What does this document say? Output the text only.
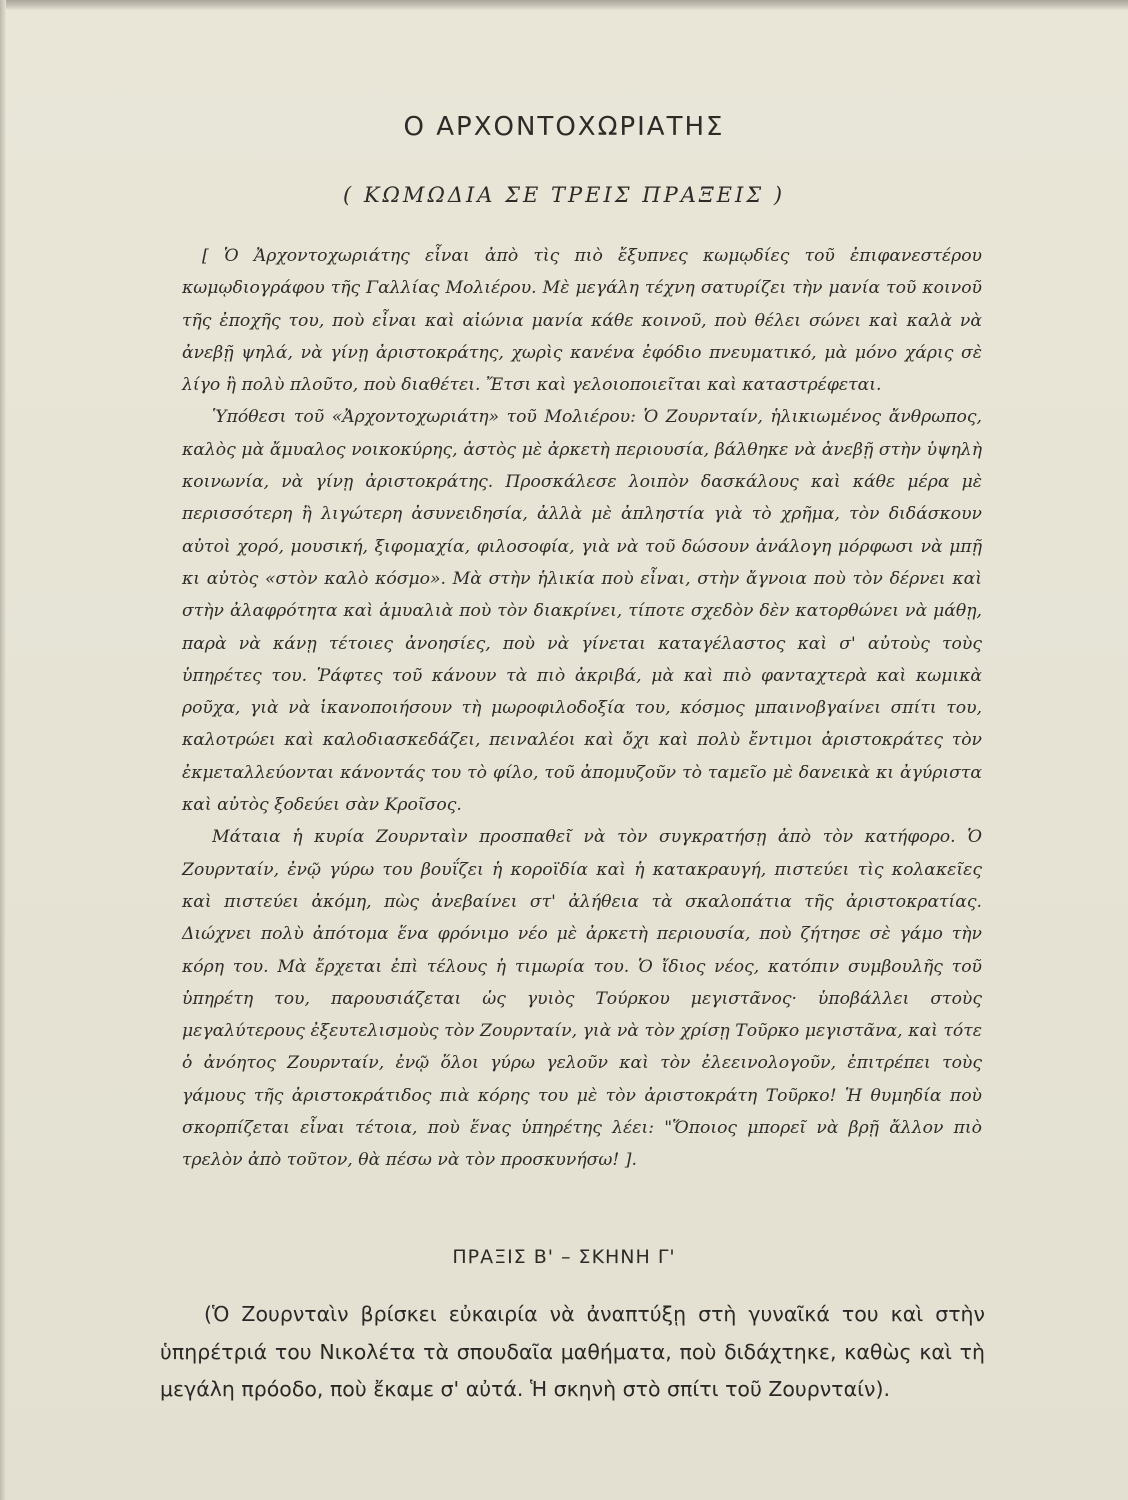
Ο ΑΡΧΟΝΤΟΧΩΡΙΑΤΗΣ
( ΚΩΜΩΔΙΑ ΣΕ ΤΡΕΙΣ ΠΡΑΞΕΙΣ )

[ Ὁ Ἀρχοντοχωριάτης εἶναι ἀπὸ τὶς πιὸ ἔξυπνες κωμῳδίες τοῦ ἐπιφανεστέρου κωμῳδιογράφου τῆς Γαλλίας Μολιέρου. Μὲ μεγάλη τέχνη σατυρίζει τὴν μανία τοῦ κοινοῦ τῆς ἐποχῆς του, ποὺ εἶναι καὶ αἰώνια μανία κάθε κοινοῦ, ποὺ θέλει σώνει καὶ καλὰ νὰ ἀνεβῇ ψηλά, νὰ γίνῃ ἀριστοκράτης, χωρὶς κανένα ἐφόδιο πνευματικό, μὰ μόνο χάρις σὲ λίγο ἢ πολὺ πλοῦτο, ποὺ διαθέτει. Ἔτσι καὶ γελοιοποιεῖται καὶ καταστρέφεται.

Ὑπόθεσι τοῦ «Ἀρχοντοχωριάτη» τοῦ Μολιέρου: Ὁ Ζουρνταίν, ἡλικιωμένος ἄνθρωπος, καλὸς μὰ ἄμυαλος νοικοκύρης, ἀστὸς μὲ ἀρκετὴ περιουσία, βάλθηκε νὰ ἀνεβῇ στὴν ὑψηλὴ κοινωνία, νὰ γίνῃ ἀριστοκράτης. Προσκάλεσε λοιπὸν δασκάλους καὶ κάθε μέρα μὲ περισσότερη ἢ λιγώτερη ἀσυνειδησία, ἀλλὰ μὲ ἀπληστία γιὰ τὸ χρῆμα, τὸν διδάσκουν αὐτοὶ χορό, μουσική, ξιφομαχία, φιλοσοφία, γιὰ νὰ τοῦ δώσουν ἀνάλογη μόρφωσι νὰ μπῇ κι αὐτὸς «στὸν καλὸ κόσμο». Μὰ στὴν ἡλικία ποὺ εἶναι, στὴν ἄγνοια ποὺ τὸν δέρνει καὶ στὴν ἀλαφρότητα καὶ ἀμυαλιὰ ποὺ τὸν διακρίνει, τίποτε σχεδὸν δὲν κατορθώνει νὰ μάθῃ, παρὰ νὰ κάνῃ τέτοιες ἀνοησίες, ποὺ νὰ γίνεται καταγέλαστος καὶ σ' αὐτοὺς τοὺς ὑπηρέτες του. Ῥάφτες τοῦ κάνουν τὰ πιὸ ἀκριβά, μὰ καὶ πιὸ φανταχτερὰ καὶ κωμικὰ ροῦχα, γιὰ νὰ ἱκανοποιήσουν τὴ μωροφιλοδοξία του, κόσμος μπαινοβγαίνει σπίτι του, καλοτρώει καὶ καλοδιασκεδάζει, πειναλέοι καὶ ὄχι καὶ πολὺ ἔντιμοι ἀριστοκράτες τὸν ἐκμεταλλεύονται κάνοντάς του τὸ φίλο, τοῦ ἀπομυζοῦν τὸ ταμεῖο μὲ δανεικὰ κι ἀγύριστα καὶ αὐτὸς ξοδεύει σὰν Κροῖσος.

Μάταια ἡ κυρία Ζουρνταὶν προσπαθεῖ νὰ τὸν συγκρατήσῃ ἀπὸ τὸν κατήφορο. Ὁ Ζουρνταίν, ἐνῷ γύρω του βουΐζει ἡ κοροϊδία καὶ ἡ κατακραυγή, πιστεύει τὶς κολακεῖες καὶ πιστεύει ἀκόμη, πὼς ἀνεβαίνει στ' ἀλήθεια τὰ σκαλοπάτια τῆς ἀριστοκρατίας. Διώχνει πολὺ ἀπότομα ἕνα φρόνιμο νέο μὲ ἀρκετὴ περιουσία, ποὺ ζήτησε σὲ γάμο τὴν κόρη του. Μὰ ἔρχεται ἐπὶ τέλους ἡ τιμωρία του. Ὁ ἴδιος νέος, κατόπιν συμβουλῆς τοῦ ὑπηρέτη του, παρουσιάζεται ὡς γυιὸς Τούρκου μεγιστᾶνος· ὑποβάλλει στοὺς μεγαλύτερους ἐξευτελισμοὺς τὸν Ζουρνταίν, γιὰ νὰ τὸν χρίσῃ Τοῦρκο μεγιστᾶνα, καὶ τότε ὁ ἀνόητος Ζουρνταίν, ἐνῷ ὅλοι γύρω γελοῦν καὶ τὸν ἐλεεινολογοῦν, ἐπιτρέπει τοὺς γάμους τῆς ἀριστοκράτιδος πιὰ κόρης του μὲ τὸν ἀριστοκράτη Τοῦρκο! Ἡ θυμηδία ποὺ σκορπίζεται εἶναι τέτοια, ποὺ ἕνας ὑπηρέτης λέει: "Ὅποιος μπορεῖ νὰ βρῇ ἄλλον πιὸ τρελὸν ἀπὸ τοῦτον, θὰ πέσω νὰ τὸν προσκυνήσω! ].

ΠΡΑΞΙΣ Β' – ΣΚΗΝΗ Γ'

(Ὁ Ζουρνταὶν βρίσκει εὐκαιρία νὰ ἀναπτύξῃ στὴ γυναῖκά του καὶ στὴν ὑπηρέτριά του Νικολέτα τὰ σπουδαῖα μαθήματα, ποὺ διδάχτηκε, καθὼς καὶ τὴ μεγάλη πρόοδο, ποὺ ἔκαμε σ' αὐτά. Ἡ σκηνὴ στὸ σπίτι τοῦ Ζουρνταίν).
